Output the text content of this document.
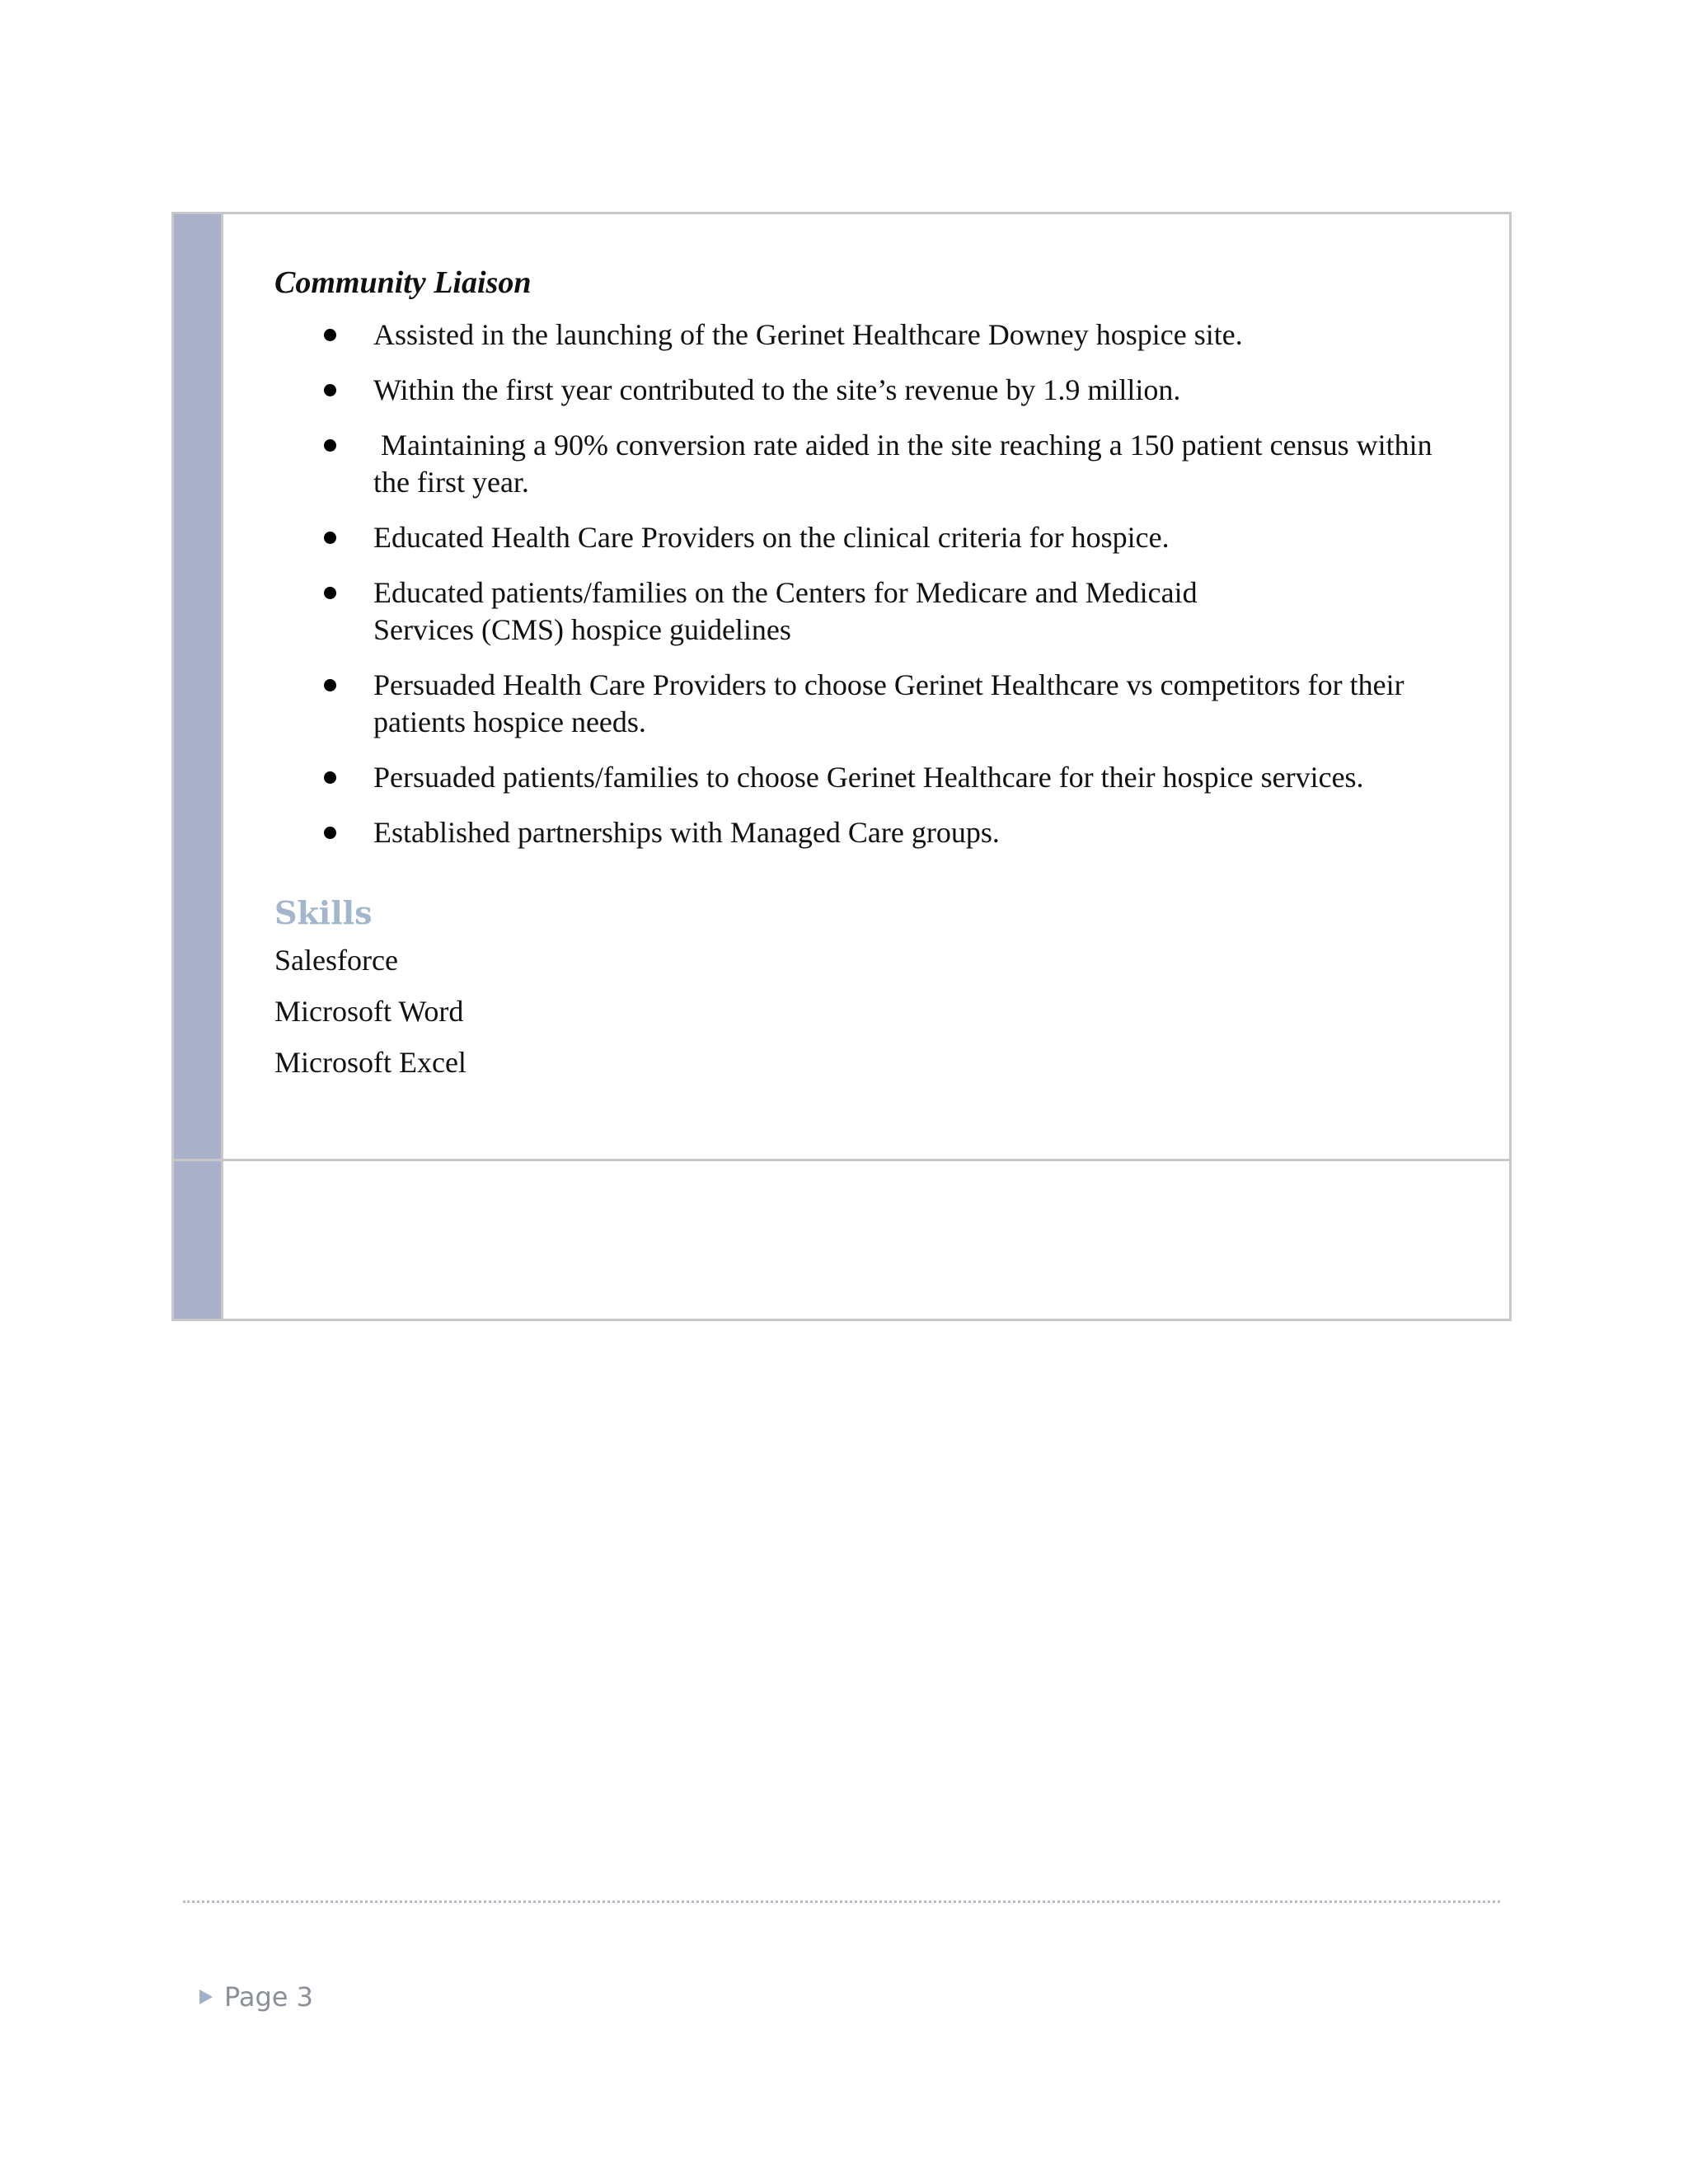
Community Liaison
Assisted in the launching of the Gerinet Healthcare Downey hospice site.
Within the first year contributed to the site’s revenue by 1.9 million.
Maintaining a 90% conversion rate aided in the site reaching a 150 patient census within the first year.
Educated Health Care Providers on the clinical criteria for hospice.
Educated patients/families on the Centers for Medicare and Medicaid Services (CMS) hospice guidelines
Persuaded Health Care Providers to choose Gerinet Healthcare vs competitors for their patients hospice needs.
Persuaded patients/families to choose Gerinet Healthcare for their hospice services.
Established partnerships with Managed Care groups.
Skills
Salesforce
Microsoft Word
Microsoft Excel
Page 3
